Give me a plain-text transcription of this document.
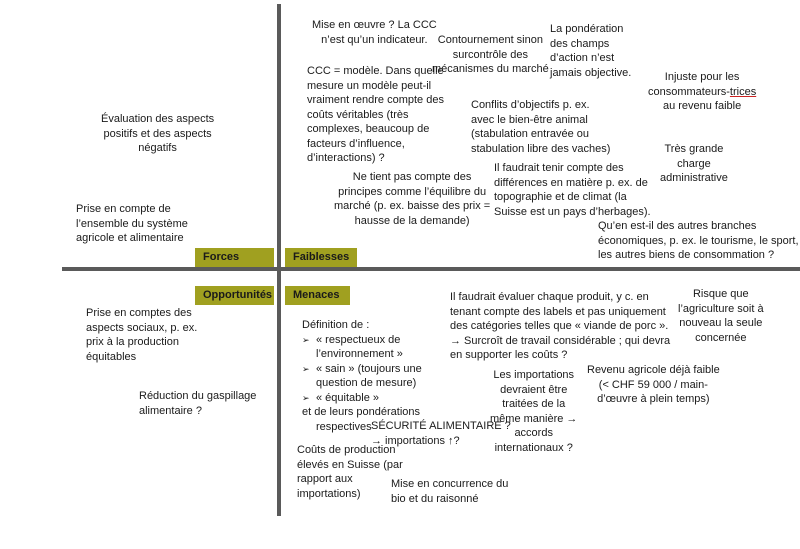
Forces	Faiblesses
Opportunités	Menaces
Évaluation des aspects
positifs et des aspects
négatifs
Prise en compte de
l’ensemble du système
agricole et alimentaire
Mise en œuvre ? La CCC
n’est qu’un indicateur. Contournement sinon
surcontrôle des
mécanismes du marché
La pondération
des champs
d’action n’est
jamais objective.
CCC = modèle. Dans quelle
mesure un modèle peut-il
vraiment rendre compte des
coûts véritables (très
complexes, beaucoup de
facteurs d’influence,
d’interactions) ?
Injuste pour les
consommateurs-trices
au revenu faible
Conflits d’objectifs p. ex.
avec le bien-être animal
(stabulation entravée ou
stabulation libre des vaches)	Très grande
charge
administrative
Il faudrait tenir compte des
différences en matière p. ex. de
topographie et de climat (la
Suisse est un pays d’herbages).
Ne tient pas compte des
principes comme l’équilibre du
marché (p. ex. baisse des prix =
hausse de la demande)	Qu’en est-il des autres branches
économiques, p. ex. le tourisme, le sport,
les autres biens de consommation ?
Prise en comptes des
aspects sociaux, p. ex.
prix à la production
équitables
Réduction du gaspillage
alimentaire ?
Définition de :
➢ « respectueux de
l’environnement »
➢ « sain » (toujours une
question de mesure)
➢ « équitable »
et de leurs pondérations
respectives
Il faudrait évaluer chaque produit, y c. en
tenant compte des labels et pas uniquement
des catégories telles que « viande de porc ».
→ Surcroît de travail considérable ; qui devra
en supporter les coûts ?
Risque que
l’agriculture soit à
nouveau la seule
concernée
Revenu agricole déjà faible
(< CHF 59 000 / main-
d’œuvre à plein temps)
Les importations
devraient être
traitées de la
même manière →
accords
internationaux ?
SÉCURITÉ ALIMENTAIRE ?
→ importations ↑?
Coûts de production
élevés en Suisse (par
rapport aux
importations)
Mise en concurrence du
bio et du raisonné
